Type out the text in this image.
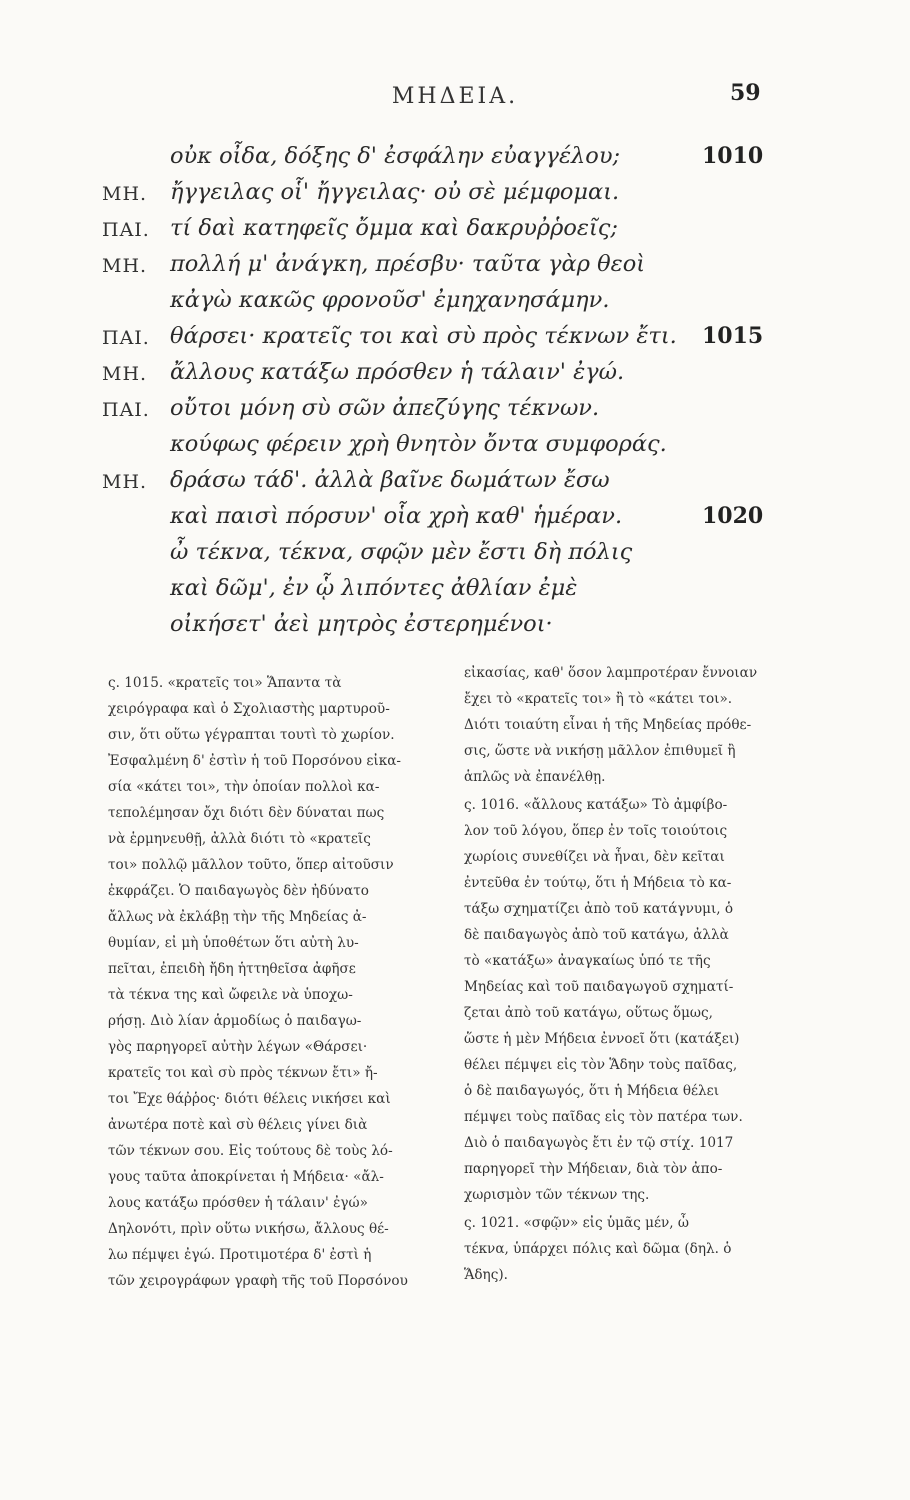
ΜΗΔΕΙΑ.	59
οὐκ οἶδα, δόξης δ' ἐσφάλην εὐαγγέλου;	1010
ΜΗ. ἤγγειλας οἷ' ἤγγειλας· οὐ σὲ μέμφομαι.
ΠΑΙ. τί δαὶ κατηφεῖς ὄμμα καὶ δακρυῤῥοεῖς;
ΜΗ. πολλή μ' ἀνάγκη, πρέσβυ· ταῦτα γὰρ θεοὶ
κἀγὼ κακῶς φρονοῦσ' ἐμηχανησάμην.
ΠΑΙ. θάρσει· κρατεῖς τοι καὶ σὺ πρὸς τέκνων ἔτι. 1015
ΜΗ. ἄλλους κατάξω πρόσθεν ἡ τάλαιν' ἐγώ.
ΠΑΙ. οὔτοι μόνη σὺ σῶν ἀπεζύγης τέκνων.
κούφως φέρειν χρὴ θνητὸν ὄντα συμφοράς.
ΜΗ. δράσω τάδ'. ἀλλὰ βαῖνε δωμάτων ἔσω
καὶ παισὶ πόρσυν' οἷα χρὴ καθ' ἡμέραν.	1020
ὦ τέκνα, τέκνα, σφῷν μὲν ἔστι δὴ πόλις
καὶ δῶμ', ἐν ᾧ λιπόντες ἀθλίαν ἐμὲ
οἰκήσετ' ἀεὶ μητρὸς ἐστερημένοι·
ς. 1015. «κρατεῖς τοι» Ἅπαντα τὰ
χειρόγραφα καὶ ὁ Σχολιαστὴς μαρτυροῦ-
σιν, ὅτι οὕτω γέγραπται τουτὶ τὸ χωρίον.
Ἐσφαλμένη δ' ἐστὶν ἡ τοῦ Πορσόνου εἰκα-
σία «κάτει τοι», τὴν ὁποίαν πολλοὶ κα-
τεπολέμησαν ὄχι διότι δὲν δύναται πως
νὰ ἑρμηνευθῇ, ἀλλὰ διότι τὸ «κρατεῖς
τοι» πολλῷ μᾶλλον τοῦτο, ὅπερ αἰτοῦσιν
ἐκφράζει. Ὁ παιδαγωγὸς δὲν ἠδύνατο
ἄλλως νὰ ἐκλάβῃ τὴν τῆς Μηδείας ἀ-
θυμίαν, εἰ μὴ ὑποθέτων ὅτι αὐτὴ λυ-
πεῖται, ἐπειδὴ ἤδη ἡττηθεῖσα ἀφῆσε
τὰ τέκνα της καὶ ὤφειλε νὰ ὑποχω-
ρήσῃ. Διὸ λίαν ἁρμοδίως ὁ παιδαγω-
γὸς παρηγορεῖ αὐτὴν λέγων «Θάρσει·
κρατεῖς τοι καὶ σὺ πρὸς τέκνων ἔτι» ἤ-
τοι Ἔχε θάῤῥος· διότι θέλεις νικήσει καὶ
ἀνωτέρα ποτὲ καὶ σὺ θέλεις γίνει διὰ
τῶν τέκνων σου. Εἰς τούτους δὲ τοὺς λό-
γους ταῦτα ἀποκρίνεται ἡ Μήδεια· «ἄλ-
λους κατάξω πρόσθεν ἡ τάλαιν' ἐγώ»
Δηλονότι, πρὶν οὕτω νικήσω, ἄλλους θέ-
λω πέμψει ἐγώ. Προτιμοτέρα δ' ἐστὶ ἡ
τῶν χειρογράφων γραφὴ τῆς τοῦ Πορσόνου
εἰκασίας, καθ' ὅσον λαμπροτέραν ἔννοιαν
ἔχει τὸ «κρατεῖς τοι» ἢ τὸ «κάτει τοι».
Διότι τοιαύτη εἶναι ἡ τῆς Μηδείας πρόθε-
σις, ὥστε νὰ νικήσῃ μᾶλλον ἐπιθυμεῖ ἢ
ἁπλῶς νὰ ἐπανέλθῃ.
ς. 1016. «ἄλλους κατάξω» Τὸ ἀμφίβο-
λον τοῦ λόγου, ὅπερ ἐν τοῖς τοιούτοις
χωρίοις συνεθίζει νὰ ἦναι, δὲν κεῖται
ἐντεῦθα ἐν τούτῳ, ὅτι ἡ Μήδεια τὸ κα-
τάξω σχηματίζει ἀπὸ τοῦ κατάγνυμι, ὁ
δὲ παιδαγωγὸς ἀπὸ τοῦ κατάγω, ἀλλὰ
τὸ «κατάξω» ἀναγκαίως ὑπό τε τῆς
Μηδείας καὶ τοῦ παιδαγωγοῦ σχηματί-
ζεται ἀπὸ τοῦ κατάγω, οὕτως ὅμως,
ὥστε ἡ μὲν Μήδεια ἐννοεῖ ὅτι (κατάξει)
θέλει πέμψει εἰς τὸν Ἅδην τοὺς παῖδας,
ὁ δὲ παιδαγωγός, ὅτι ἡ Μήδεια θέλει
πέμψει τοὺς παῖδας εἰς τὸν πατέρα των.
Διὸ ὁ παιδαγωγὸς ἔτι ἐν τῷ στίχ. 1017
παρηγορεῖ τὴν Μήδειαν, διὰ τὸν ἀπο-
χωρισμὸν τῶν τέκνων της.
ς. 1021. «σφῷν» εἰς ὑμᾶς μέν, ὦ
τέκνα, ὑπάρχει πόλις καὶ δῶμα (δηλ. ὁ
Ἅδης).
